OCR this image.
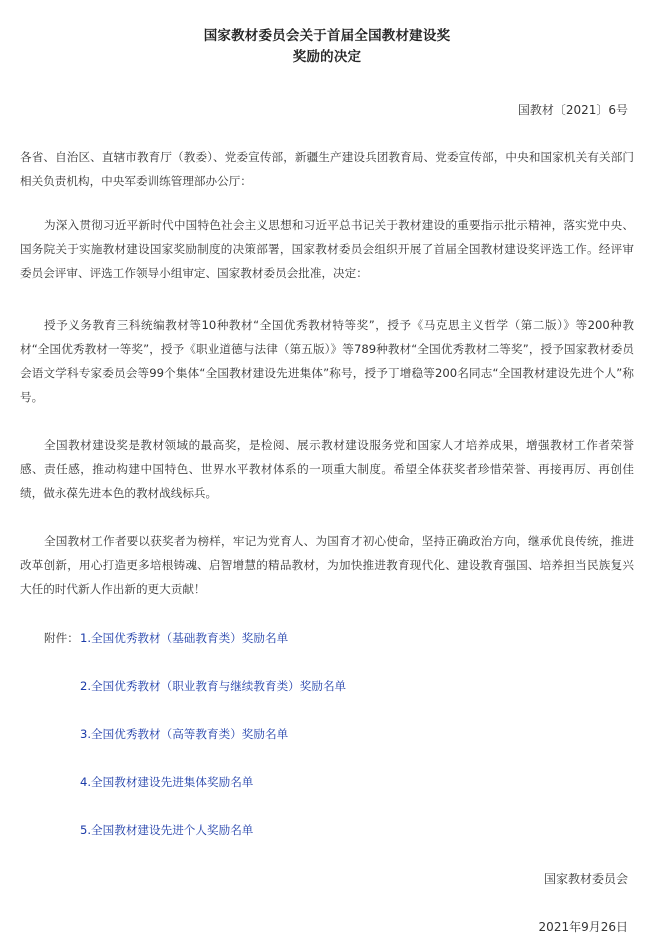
国家教材委员会关于首届全国教材建设奖
奖励的决定
国教材〔2021〕6号

各省、自治区、直辖市教育厅（教委）、党委宣传部，新疆生产建设兵团教育局、党委宣传部，中央和国家机关有关部门相关负责机构，中央军委训练管理部办公厅：

为深入贯彻习近平新时代中国特色社会主义思想和习近平总书记关于教材建设的重要指示批示精神，落实党中央、国务院关于实施教材建设国家奖励制度的决策部署，国家教材委员会组织开展了首届全国教材建设奖评选工作。经评审委员会评审、评选工作领导小组审定、国家教材委员会批准，决定：

授予义务教育三科统编教材等10种教材“全国优秀教材特等奖”，授予《马克思主义哲学（第二版）》等200种教材“全国优秀教材一等奖”，授予《职业道德与法律（第五版）》等789种教材“全国优秀教材二等奖”，授予国家教材委员会语文学科专家委员会等99个集体“全国教材建设先进集体”称号，授予丁增稳等200名同志“全国教材建设先进个人”称号。

全国教材建设奖是教材领域的最高奖，是检阅、展示教材建设服务党和国家人才培养成果，增强教材工作者荣誉感、责任感，推动构建中国特色、世界水平教材体系的一项重大制度。希望全体获奖者珍惜荣誉、再接再厉、再创佳绩，做永葆先进本色的教材战线标兵。

全国教材工作者要以获奖者为榜样，牢记为党育人、为国育才初心使命，坚持正确政治方向，继承优良传统，推进改革创新，用心打造更多培根铸魂、启智增慧的精品教材，为加快推进教育现代化、建设教育强国、培养担当民族复兴大任的时代新人作出新的更大贡献！

附件： 1.全国优秀教材（基础教育类）奖励名单
2.全国优秀教材（职业教育与继续教育类）奖励名单
3.全国优秀教材（高等教育类）奖励名单
4.全国教材建设先进集体奖励名单
5.全国教材建设先进个人奖励名单
国家教材委员会
2021年9月26日
